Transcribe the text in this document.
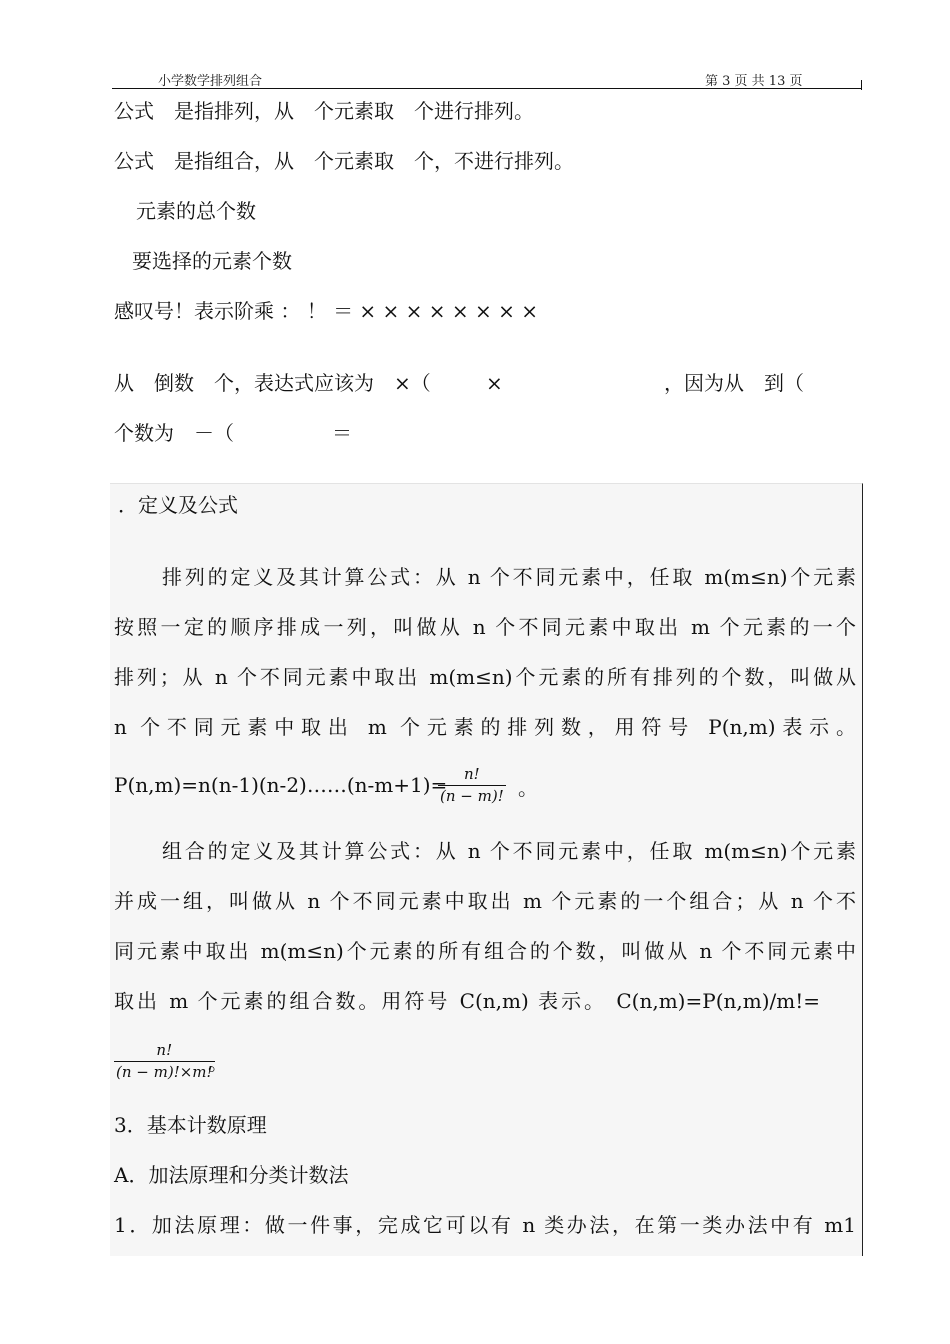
小学数学排列组合	第 3 页 共 13 页
公式　是指排列，从　个元素取　个进行排列。
公式　是指组合，从　个元素取　个，不进行排列。
元素的总个数
要选择的元素个数
感叹号！表示阶乘 ： ！ ＝ × × × × × × × ×
从　倒数　个，表达式应该为　×（	×	，因为从　到（
个数为　－（	＝
．定义及公式
排列的定义及其计算公式：从 n 个不同元素中，任取 m(m≤n)个元素
按照一定的顺序排成一列，叫做从 n 个不同元素中取出 m 个元素的一个
排列；从 n 个不同元素中取出 m(m≤n)个元素的所有排列的个数，叫做从
n 个不同元素中取出 m 个元素的排列数，用符号 P(n,m)表示。
P(n,m)=n(n-1)(n-2)……(n-m+1)=	n!
(n − m)! 。
组合的定义及其计算公式：从 n 个不同元素中，任取 m(m≤n)个元素
并成一组，叫做从 n 个不同元素中取出 m 个元素的一个组合；从 n 个不
同元素中取出 m(m≤n)个元素的所有组合的个数，叫做从 n 个不同元素中
取出 m 个元素的组合数。用符号 C(n,m) 表示。 C(n,m)=P(n,m)/m!=
n!
(n − m)!×m!
。
3．基本计数原理
A．加法原理和分类计数法
1．加法原理：做一件事，完成它可以有 n 类办法，在第一类办法中有 m1
